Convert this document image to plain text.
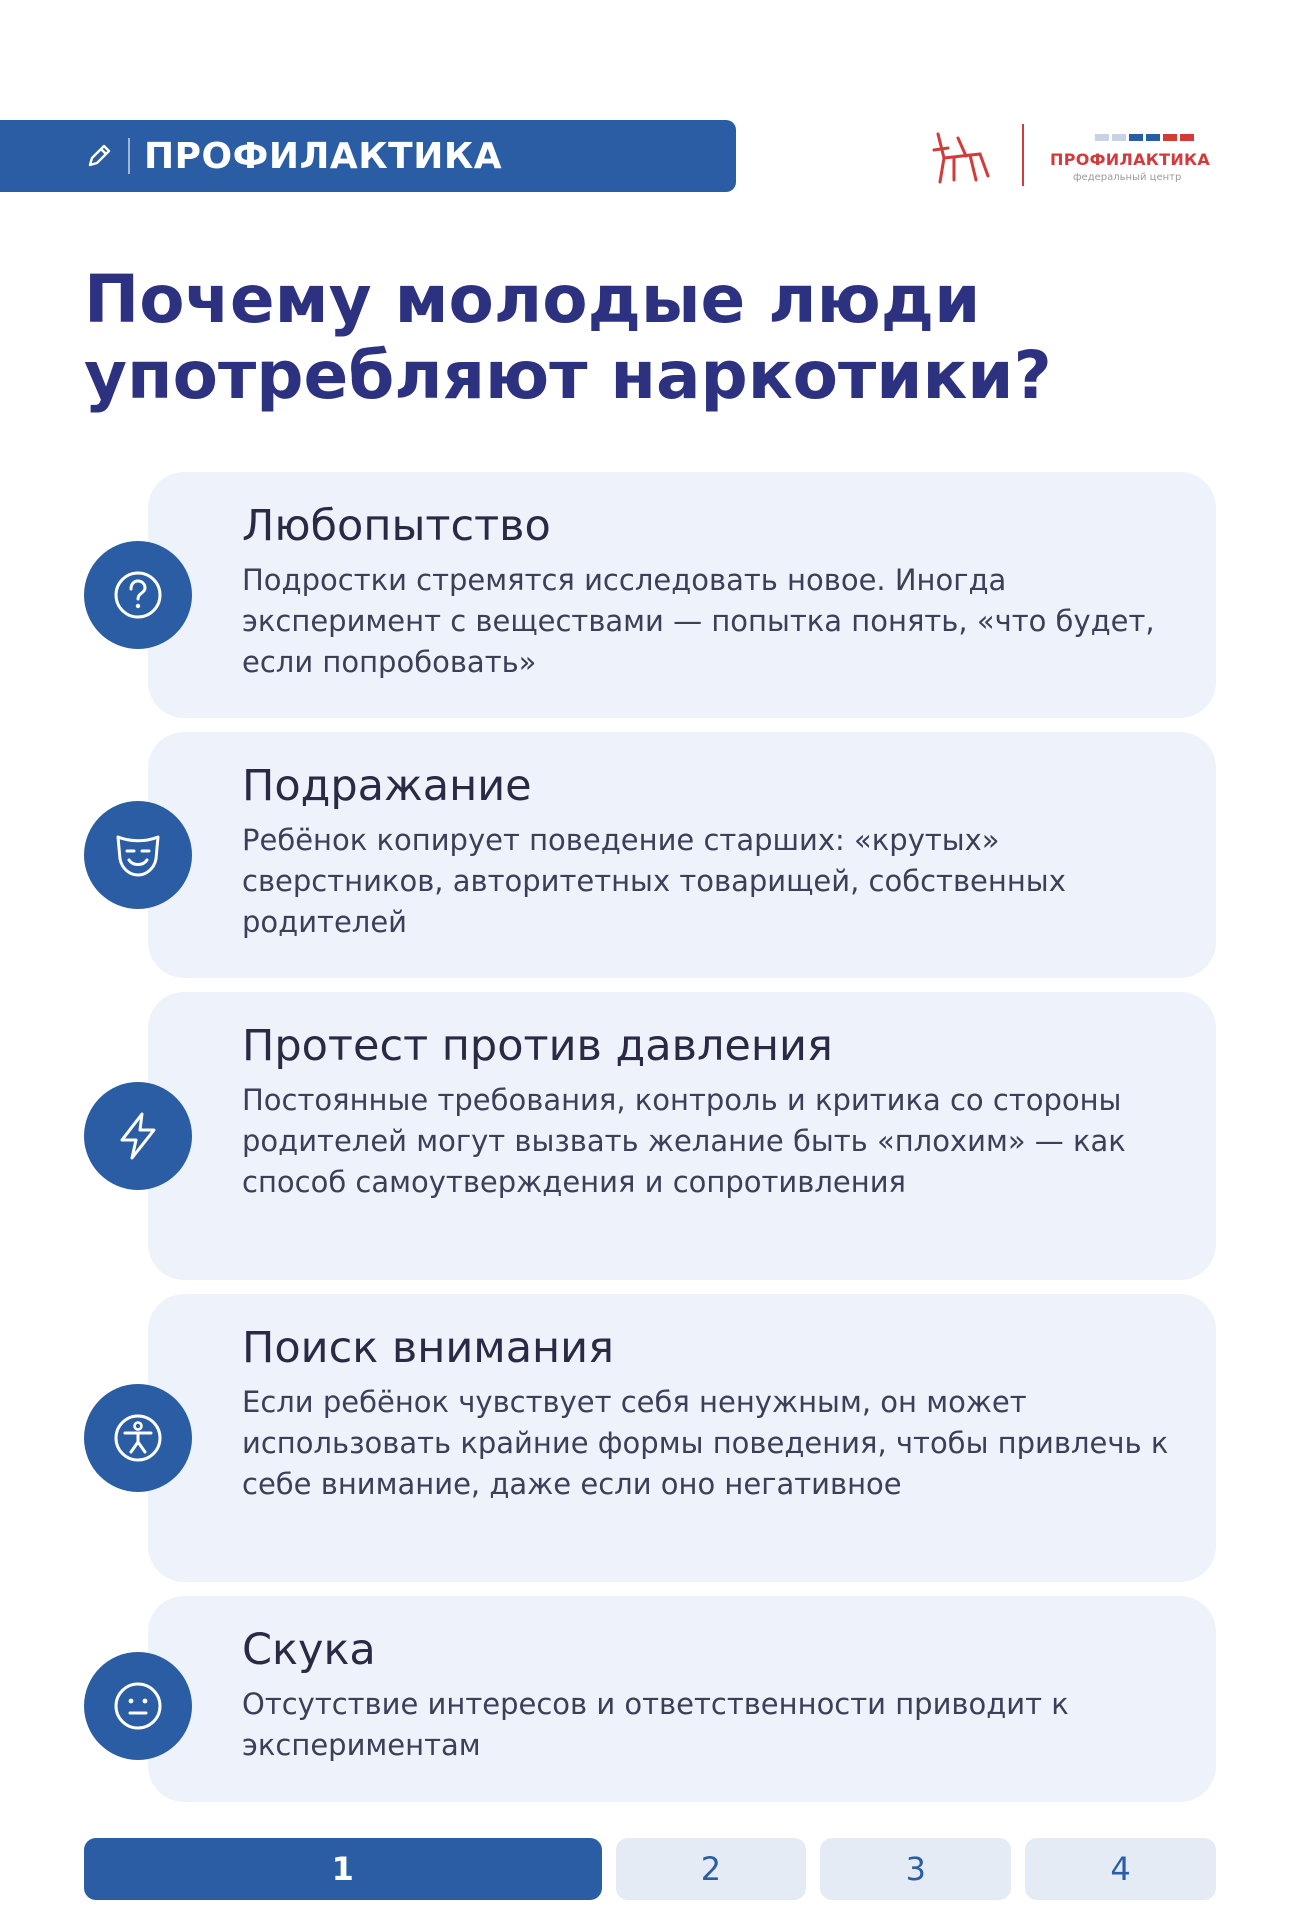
ПРОФИЛАКТИКА	ПРОФИЛАКТИКА
федеральный центр
Почему молодые люди
употребляют наркотики?
Любопытство
Подростки стремятся исследовать новое. Иногда эксперимент с веществами — попытка понять, «что будет, если попробовать»
Подражание
Ребёнок копирует поведение старших: «крутых» сверстников, авторитетных товарищей, собственных родителей
Протест против давления
Постоянные требования, контроль и критика со стороны родителей могут вызвать желание быть «плохим» — как способ самоутверждения и сопротивления
Поиск внимания
Если ребёнок чувствует себя ненужным, он может использовать крайние формы поведения, чтобы привлечь к себе внимание, даже если оно негативное
Скука
Отсутствие интересов и ответственности приводит к экспериментам
1	2	3	4
